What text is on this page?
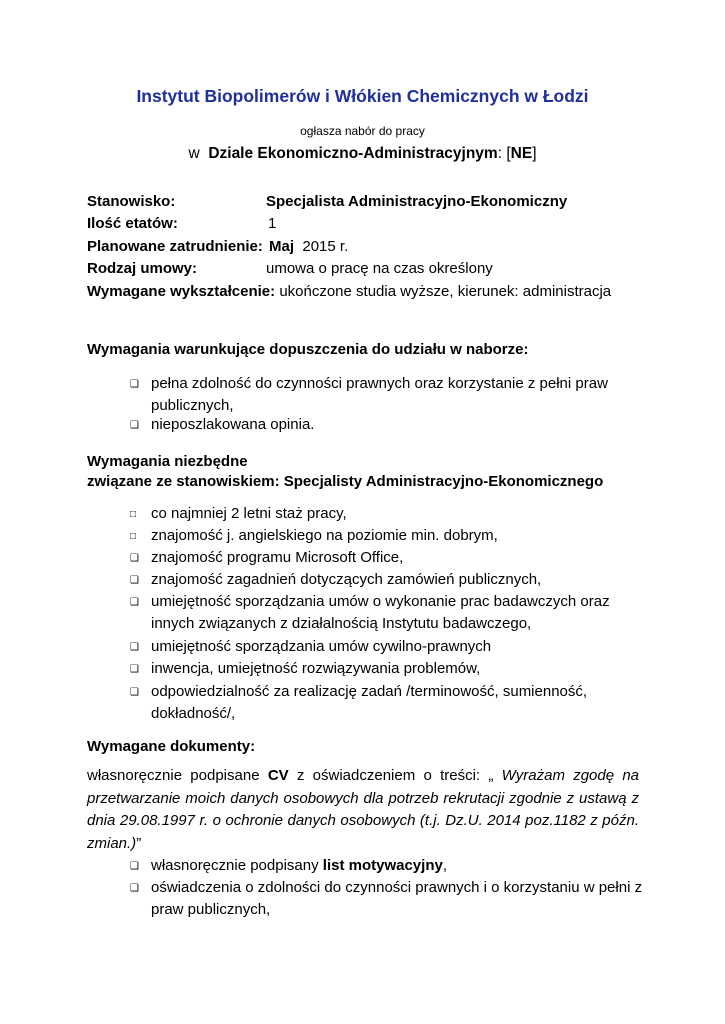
Instytut Biopolimerów i Włókien Chemicznych w Łodzi
ogłasza nabór do pracy
w Dziale Ekonomiczno-Administracyjnym: [NE]
Stanowisko:	Specjalista Administracyjno-Ekonomiczny
Ilość etatów:	1
Planowane zatrudnienie: Maj 2015 r.
Rodzaj umowy:	umowa o pracę na czas określony
Wymagane wykształcenie: ukończone studia wyższe, kierunek: administracja
Wymagania warunkujące dopuszczenia do udziału w naborze:
❑ pełna zdolność do czynności prawnych oraz korzystanie z pełni praw publicznych,
❑ nieposzlakowana opinia.
Wymagania niezbędne
związane ze stanowiskiem: Specjalisty Administracyjno-Ekonomicznego
□ co najmniej 2 letni staż pracy,
□ znajomość j. angielskiego na poziomie min. dobrym,
❑ znajomość programu Microsoft Office,
❑ znajomość zagadnień dotyczących zamówień publicznych,
❑ umiejętność sporządzania umów o wykonanie prac badawczych oraz innych związanych z działalnością Instytutu badawczego,
❑ umiejętność sporządzania umów cywilno-prawnych
❑ inwencja, umiejętność rozwiązywania problemów,
❑ odpowiedzialność za realizację zadań /terminowość, sumienność, dokładność/,
Wymagane dokumenty:
własnoręcznie podpisane CV z oświadczeniem o treści: „ Wyrażam zgodę na przetwarzanie moich danych osobowych dla potrzeb rekrutacji zgodnie z ustawą z dnia 29.08.1997 r. o ochronie danych osobowych (t.j. Dz.U. 2014 poz.1182 z późn. zmian.)”
❑ własnoręcznie podpisany list motywacyjny,
❑ oświadczenia o zdolności do czynności prawnych i o korzystaniu w pełni z praw publicznych,
